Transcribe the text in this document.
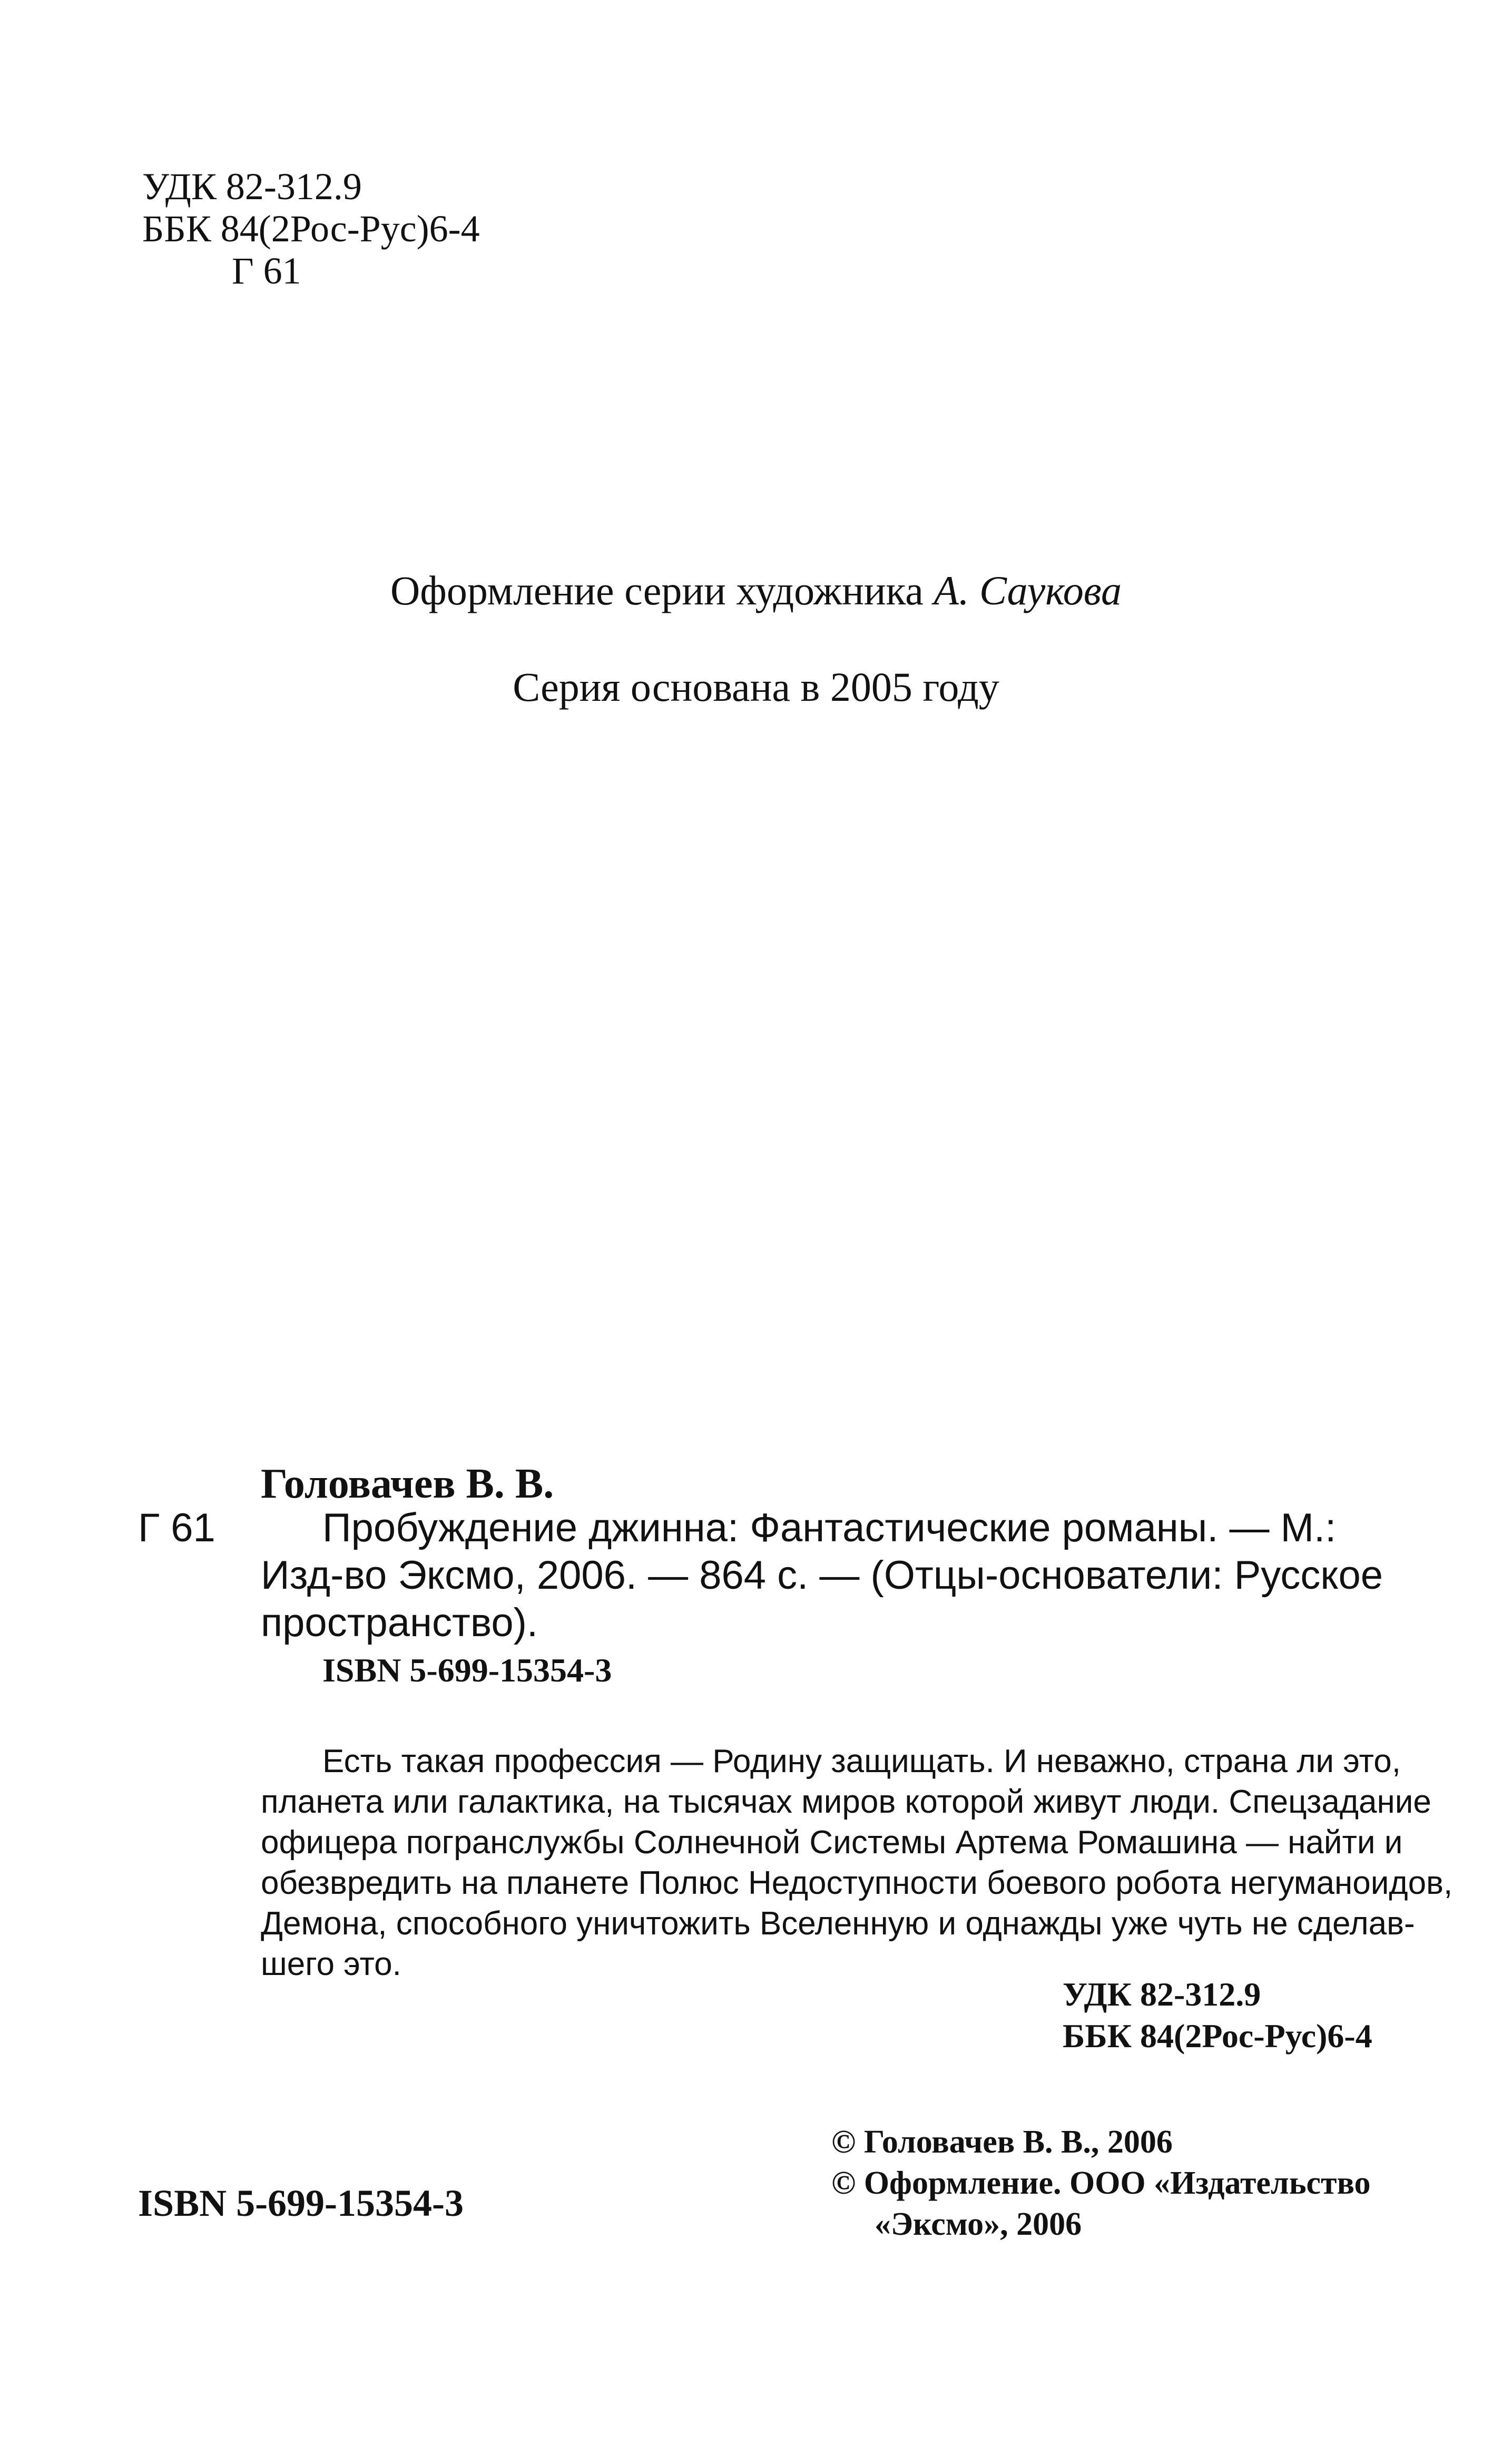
УДК 82-312.9

ББК 84(2Рос-Рус)6-4

Г 61

Оформление серии художника А. Саукова
Серия основана в 2005 году

Головачев В. В.

Г 61	Пробуждение джинна: Фантастические романы. — М.:

Изд-во Эксмо, 2006. — 864 с. — (Отцы-основатели: Русское

пространство).

ISBN 5-699-15354-3

Есть такая профессия — Родину защищать. И неважно, страна ли это,

планета или галактика, на тысячах миров которой живут люди. Спецзадание

офицера погранслужбы Солнечной Системы Артема Ромашина — найти и

обезвредить на планете Полюс Недоступности боевого робота негуманоидов,

Демона, способного уничтожить Вселенную и однажды уже чуть не сделав-

шего это.

УДК 82-312.9

ББК 84(2Рос-Рус)6-4

© Головачев В. В., 2006

© Оформление. ООО «Издательство

«Эксмо», 2006

ISBN 5-699-15354-3
